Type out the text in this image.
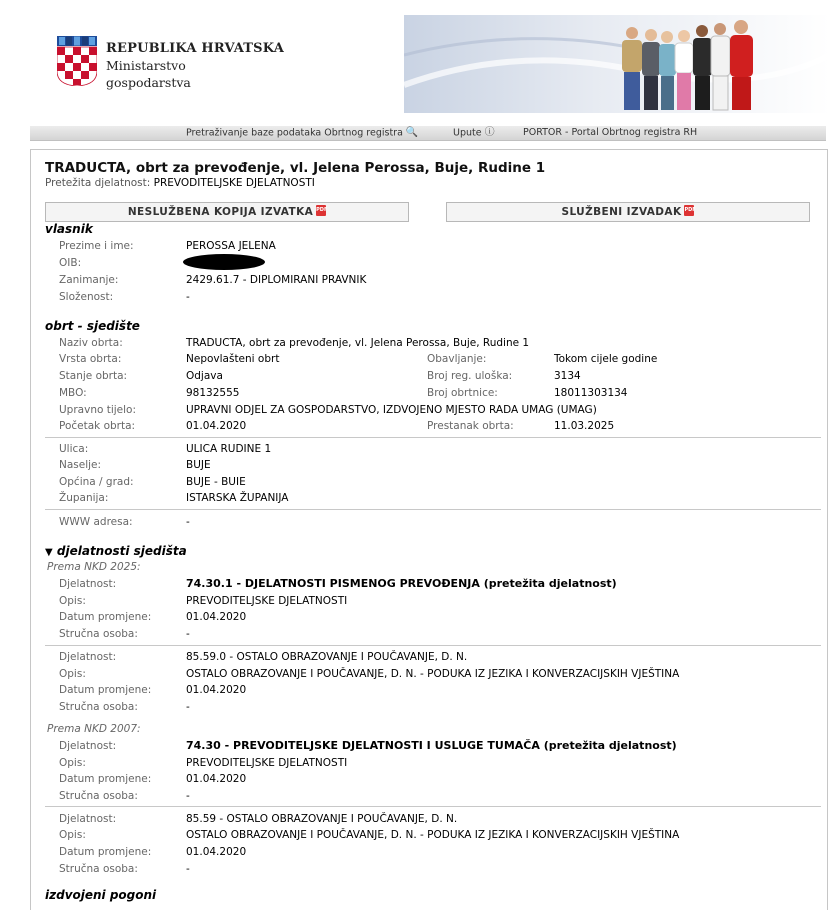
REPUBLIKA HRVATSKA
Ministarstvo
gospodarstva
Pretraživanje baze podataka Obrtnog registra 🔍	Upute ⓘ	PORTOR - Portal Obrtnog registra RH
TRADUCTA, obrt za prevođenje, vl. Jelena Perossa, Buje, Rudine 1
Pretežita djelatnost: PREVODITELJSKE DJELATNOSTI
NESLUŽBENA KOPIJA IZVATKA PDF	SLUŽBENI IZVADAK PDF
vlasnik
Prezime i ime:	PEROSSA JELENA
OIB:
Zanimanje:	2429.61.7 - DIPLOMIRANI PRAVNIK
Složenost:	-
obrt - sjedište
Naziv obrta:	TRADUCTA, obrt za prevođenje, vl. Jelena Perossa, Buje, Rudine 1
Vrsta obrta:	Nepovlašteni obrt	Obavljanje:	Tokom cijele godine
Stanje obrta:	Odjava	Broj reg. uloška:	3134
MBO:	98132555	Broj obrtnice:	18011303134
Upravno tijelo:	UPRAVNI ODJEL ZA GOSPODARSTVO, IZDVOJENO MJESTO RADA UMAG (UMAG)
Početak obrta:	01.04.2020	Prestanak obrta:	11.03.2025
Ulica:	ULICA RUDINE 1
Naselje:	BUJE
Općina / grad:	BUJE - BUIE
Županija:	ISTARSKA ŽUPANIJA
WWW adresa:	-
▼ djelatnosti sjedišta
Prema NKD 2025:
Djelatnost:	74.30.1 - DJELATNOSTI PISMENOG PREVOĐENJA (pretežita djelatnost)
Opis:	PREVODITELJSKE DJELATNOSTI
Datum promjene:	01.04.2020
Stručna osoba:	-
Djelatnost:	85.59.0 - OSTALO OBRAZOVANJE I POUČAVANJE, D. N.
Opis:	OSTALO OBRAZOVANJE I POUČAVANJE, D. N. - PODUKA IZ JEZIKA I KONVERZACIJSKIH VJEŠTINA
Datum promjene:	01.04.2020
Stručna osoba:	-
Prema NKD 2007:
Djelatnost:	74.30 - PREVODITELJSKE DJELATNOSTI I USLUGE TUMAČA (pretežita djelatnost)
Opis:	PREVODITELJSKE DJELATNOSTI
Datum promjene:	01.04.2020
Stručna osoba:	-
Djelatnost:	85.59 - OSTALO OBRAZOVANJE I POUČAVANJE, D. N.
Opis:	OSTALO OBRAZOVANJE I POUČAVANJE, D. N. - PODUKA IZ JEZIKA I KONVERZACIJSKIH VJEŠTINA
Datum promjene:	01.04.2020
Stručna osoba:	-
izdvojeni pogoni
